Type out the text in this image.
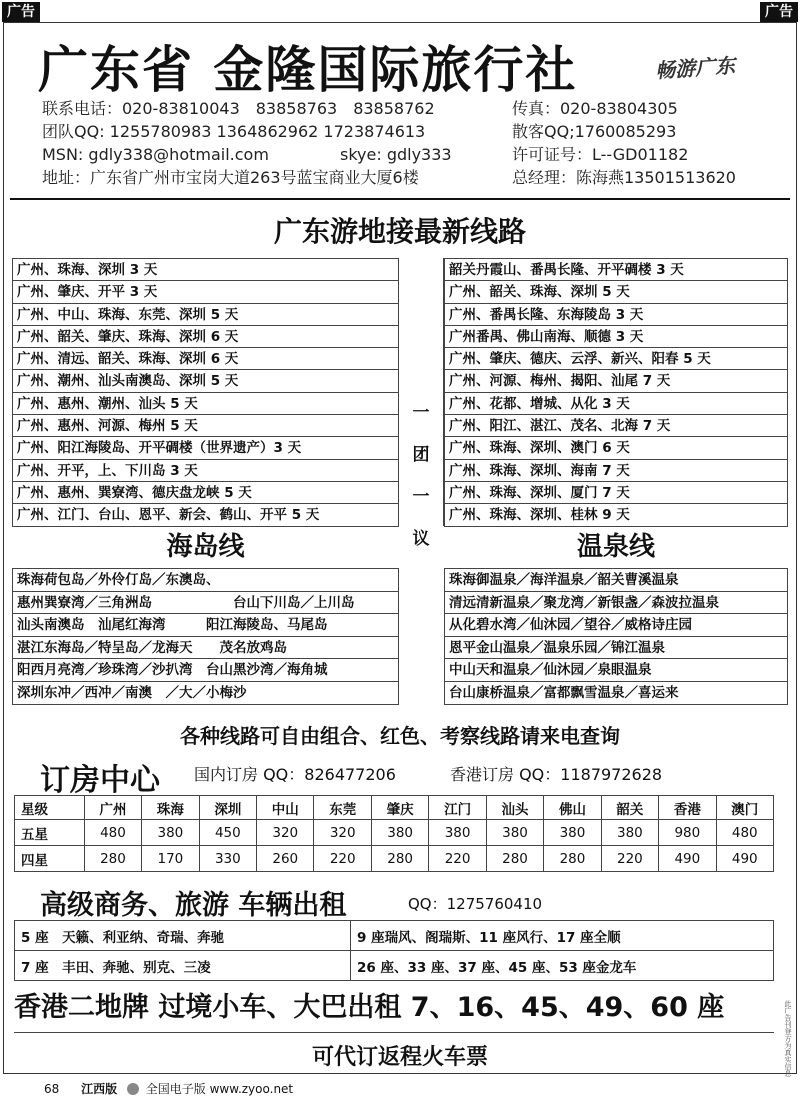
广告	广告
广东省 金隆国际旅行社	畅游广东
联系电话：020-83810043　83858763　83858762	传真：020-83804305
团队QQ: 1255780983 1364862962 1723874613	散客QQ;1760085293
MSN: gdly338@hotmail.com	skye: gdly333	许可证号：L--GD01182
地址：广东省广州市宝岗大道263号蓝宝商业大厦6楼	总经理：陈海燕13501513620
广东游地接最新线路
广州、珠海、深圳 3 天
广州、肇庆、开平 3 天
广州、中山、珠海、东莞、深圳 5 天
广州、韶关、肇庆、珠海、深圳 6 天
广州、清远、韶关、珠海、深圳 6 天
广州、潮州、汕头南澳岛、深圳 5 天
广州、惠州、潮州、汕头 5 天
广州、惠州、河源、梅州 5 天
广州、阳江海陵岛、开平碉楼（世界遗产）3 天
广州、开平，上、下川岛 3 天
广州、惠州、巽寮湾、德庆盘龙峡 5 天
广州、江门、台山、恩平、新会、鹤山、开平 5 天
一
团
一
议
韶关丹霞山、番禺长隆、开平碉楼 3 天
广州、韶关、珠海、深圳 5 天
广州、番禺长隆、东海陵岛 3 天
广州番禺、佛山南海、顺德 3 天
广州、肇庆、德庆、云浮、新兴、阳春 5 天
广州、河源、梅州、揭阳、汕尾 7 天
广州、花都、增城、从化 3 天
广州、阳江、湛江、茂名、北海 7 天
广州、珠海、深圳、澳门 6 天
广州、珠海、深圳、海南 7 天
广州、珠海、深圳、厦门 7 天
广州、珠海、深圳、桂林 9 天
海岛线	温泉线
珠海荷包岛／外伶仃岛／东澳岛、
惠州巽寮湾／三角洲岛　　　　　　台山下川岛／上川岛
汕头南澳岛　汕尾红海湾　　　阳江海陵岛、马尾岛
湛江东海岛／特呈岛／龙海天　　茂名放鸡岛
阳西月亮湾／珍珠湾／沙扒湾　台山黑沙湾／海角城
深圳东冲／西冲／南澳　／大／小梅沙
珠海御温泉／海洋温泉／韶关曹溪温泉
清远清新温泉／聚龙湾／新银盏／森波拉温泉
从化碧水湾／仙沐园／望谷／威格诗庄园
恩平金山温泉／温泉乐园／锦江温泉
中山天和温泉／仙沐园／泉眼温泉
台山康桥温泉／富都飘雪温泉／喜运来
各种线路可自由组合、红色、考察线路请来电查询
订房中心 国内订房 QQ：826477206	香港订房 QQ：1187972628
星级	广州	珠海	深圳	中山	东莞	肇庆	江门	汕头	佛山	韶关	香港	澳门
五星	480	380	450	320	320	380	380	380	380	380	980	480
四星	280	170	330	260	220	280	220	280	280	220	490	490
高级商务、旅游 车辆出租	QQ：1275760410
5 座　天籁、利亚纳、奇瑞、奔驰	9 座瑞风、阁瑞斯、11 座风行、17 座全顺
7 座　丰田、奔驰、别克、三凌	26 座、33 座、37 座、45 座、53 座金龙车
香港二地牌 过境小车、大巴出租 7、16、45、49、60 座
可代订返程火车票	此广告刊登方为真实信息
68 江西版 全国电子版 www.zyoo.net
